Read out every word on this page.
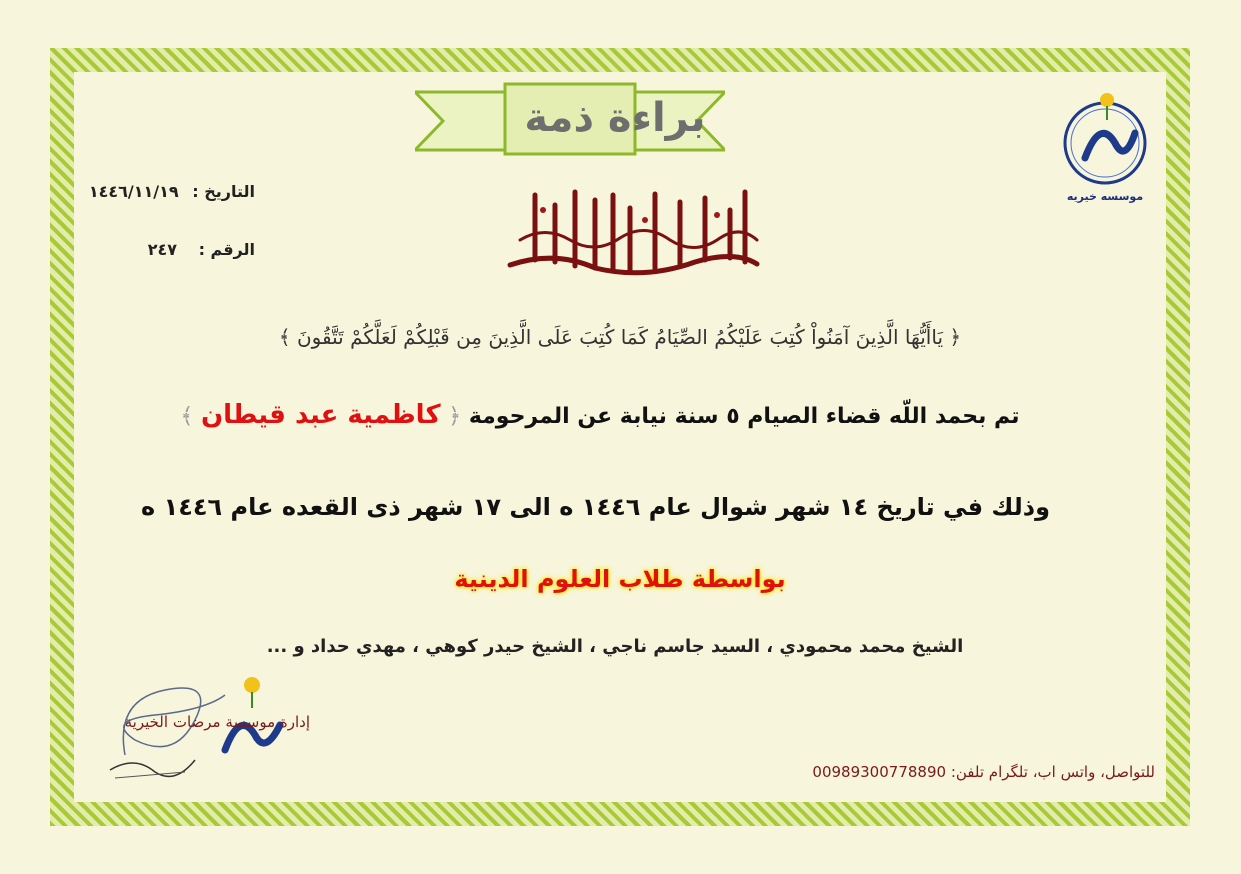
براءة ذمة
موسسه خیریه
التاريخ : ١٤٤٦/١١/١٩
الرقم : ٢٤٧
﴿ يَاأَيُّهَا الَّذِينَ آمَنُواْ كُتِبَ عَلَيْكُمُ الصِّيَامُ كَمَا كُتِبَ عَلَى الَّذِينَ مِن قَبْلِكُمْ لَعَلَّكُمْ تَتَّقُونَ ﴾
تم بحمد اللّه قضاء الصيام ٥ سنة نيابة عن المرحومة ﴿ كاظمية عبد قيطان ﴾
وذلك في تاريخ ١٤ شهر شوال عام ١٤٤٦ ه الى ١٧ شهر ذى القعده عام ١٤٤٦ ه
بواسطة طلاب العلوم الدينية
الشيخ محمد محمودي ، السيد جاسم ناجي ، الشيخ حيدر كوهي ، مهدي حداد و ...
إدارة موسسة مرضات الخيرية
للتواصل، واتس اب، تلگرام تلفن: 00989300778890
